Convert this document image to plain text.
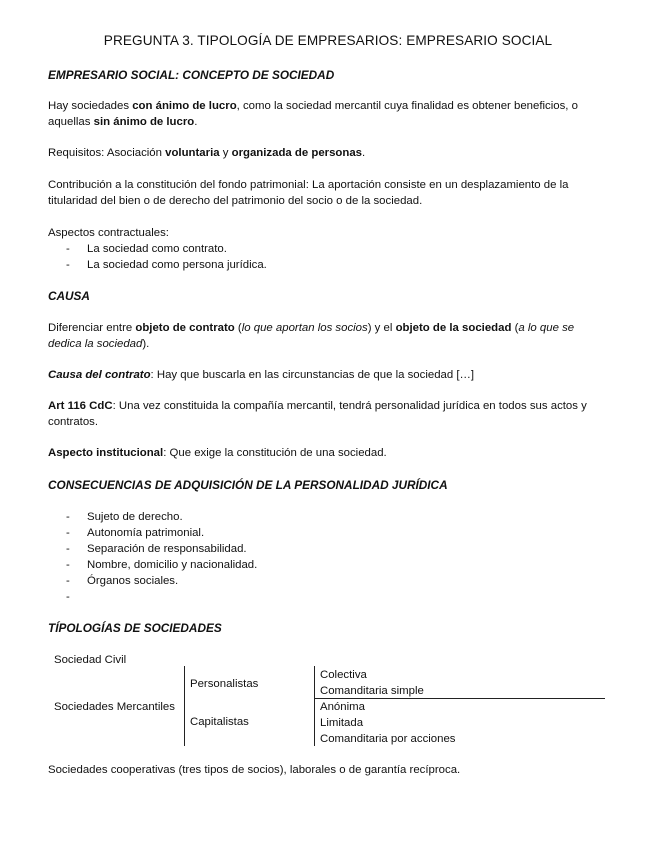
PREGUNTA 3. TIPOLOGÍA DE EMPRESARIOS: EMPRESARIO SOCIAL
EMPRESARIO SOCIAL: CONCEPTO DE SOCIEDAD
Hay sociedades con ánimo de lucro, como la sociedad mercantil cuya finalidad es obtener beneficios, o aquellas sin ánimo de lucro.
Requisitos: Asociación voluntaria y organizada de personas.
Contribución a la constitución del fondo patrimonial: La aportación consiste en un desplazamiento de la titularidad del bien o de derecho del patrimonio del socio o de la sociedad.
Aspectos contractuales:
- La sociedad como contrato.
- La sociedad como persona jurídica.
CAUSA
Diferenciar entre objeto de contrato (lo que aportan los socios) y el objeto de la sociedad (a lo que se dedica la sociedad).
Causa del contrato: Hay que buscarla en las circunstancias de que la sociedad […]
Art 116 CdC: Una vez constituida la compañía mercantil, tendrá personalidad jurídica en todos sus actos y contratos.
Aspecto institucional: Que exige la constitución de una sociedad.
CONSECUENCIAS DE ADQUISICIÓN DE LA PERSONALIDAD JURÍDICA
- Sujeto de derecho.
- Autonomía patrimonial.
- Separación de responsabilidad.
- Nombre, domicilio y nacionalidad.
- Órganos sociales.
-
TÍPOLOGÍAS DE SOCIEDADES
Sociedad Civil
Sociedades Mercantiles
Personalistas
Capitalistas
Colectiva
Comanditaria simple
Anónima
Limitada
Comanditaria por acciones
Sociedades cooperativas (tres tipos de socios), laborales o de garantía recíproca.
